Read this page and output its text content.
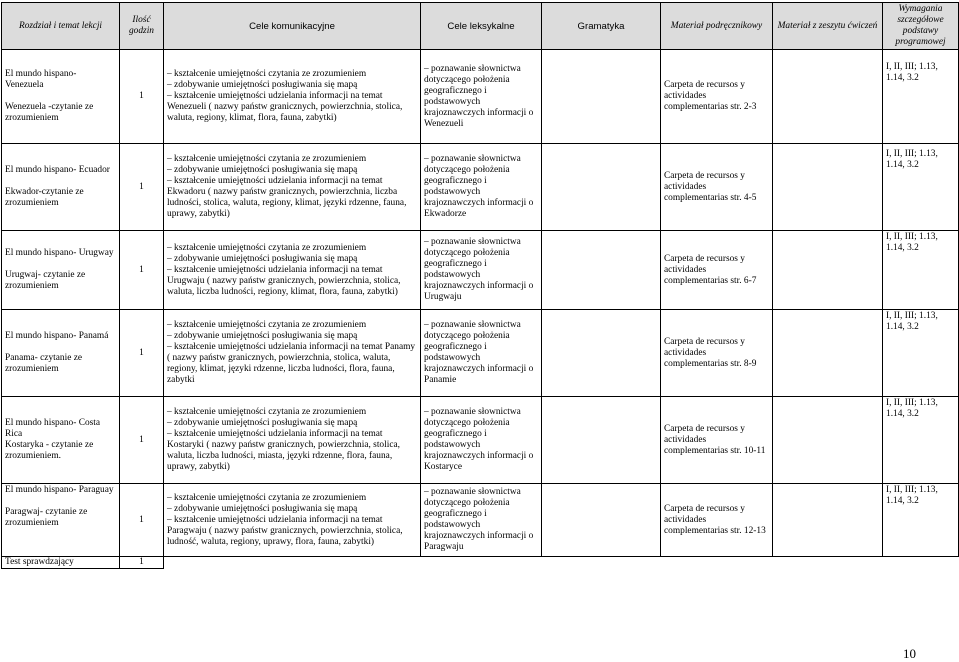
Rozdział i temat lekcji	Ilość godzin	Cele komunikacyjne	Cele leksykalne	Gramatyka	Materiał podręcznikowy	Materiał z zeszytu ćwiczeń	Wymagania szczegółowe podstawy programowej

El mundo hispano- Venezuela
Wenezuela -czytanie ze zrozumieniem	1	– kształcenie umiejętności czytania ze zrozumieniem
– zdobywanie umiejętności posługiwania się mapą
– kształcenie umiejętności udzielania informacji na temat Wenezueli ( nazwy państw granicznych, powierzchnia, stolica, waluta, regiony, klimat, flora, fauna, zabytki)	– poznawanie słownictwa dotyczącego położenia geograficznego i podstawowych krajoznawczych informacji o Wenezueli		Carpeta de recursos y actividades complementarias str. 2-3		I, II, III; 1.13, 1.14, 3.2

El mundo hispano- Ecuador
Ekwador-czytanie ze zrozumieniem	1	– kształcenie umiejętności czytania ze zrozumieniem
– zdobywanie umiejętności posługiwania się mapą
– kształcenie umiejętności udzielania informacji na temat Ekwadoru ( nazwy państw granicznych, powierzchnia, liczba ludności, stolica, waluta, regiony, klimat, języki rdzenne, fauna, uprawy, zabytki)	– poznawanie słownictwa dotyczącego położenia geograficznego i podstawowych krajoznawczych informacji o Ekwadorze		Carpeta de recursos y actividades complementarias str. 4-5		I, II, III; 1.13, 1.14, 3.2

El mundo hispano- Urugway
Urugwaj- czytanie ze zrozumieniem	1	– kształcenie umiejętności czytania ze zrozumieniem
– zdobywanie umiejętności posługiwania się mapą
– kształcenie umiejętności udzielania informacji na temat Urugwaju ( nazwy państw granicznych, powierzchnia, stolica, waluta, liczba ludności, regiony, klimat, flora, fauna, zabytki)	– poznawanie słownictwa dotyczącego położenia geograficznego i podstawowych krajoznawczych informacji o Urugwaju		Carpeta de recursos y actividades complementarias str. 6-7		I, II, III; 1.13, 1.14, 3.2

El mundo hispano- Panamá
Panama- czytanie ze zrozumieniem	1	– kształcenie umiejętności czytania ze zrozumieniem
– zdobywanie umiejętności posługiwania się mapą
– kształcenie umiejętności udzielania informacji na temat Panamy ( nazwy państw granicznych, powierzchnia, stolica, waluta, regiony, klimat, języki rdzenne, liczba ludności, flora, fauna, zabytki	– poznawanie słownictwa dotyczącego położenia geograficznego i podstawowych krajoznawczych informacji o Panamie		Carpeta de recursos y actividades complementarias str. 8-9		I, II, III; 1.13, 1.14, 3.2

El mundo hispano- Costa Rica
Kostaryka - czytanie ze zrozumieniem.	1	– kształcenie umiejętności czytania ze zrozumieniem
– zdobywanie umiejętności posługiwania się mapą
– kształcenie umiejętności udzielania informacji na temat Kostaryki ( nazwy państw granicznych, powierzchnia, stolica, waluta, liczba ludności, miasta, języki rdzenne, flora, fauna, uprawy, zabytki)	– poznawanie słownictwa dotyczącego położenia geograficznego i podstawowych krajoznawczych informacji o Kostaryce		Carpeta de recursos y actividades complementarias str. 10-11		I, II, III; 1.13, 1.14, 3.2

El mundo hispano- Paraguay
Paragwaj- czytanie ze zrozumieniem	1	– kształcenie umiejętności czytania ze zrozumieniem
– zdobywanie umiejętności posługiwania się mapą
– kształcenie umiejętności udzielania informacji na temat Paragwaju ( nazwy państw granicznych, powierzchnia, stolica, ludność, waluta, regiony, uprawy, flora, fauna, zabytki)	– poznawanie słownictwa dotyczącego położenia geograficznego i podstawowych krajoznawczych informacji o Paragwaju		Carpeta de recursos y actividades complementarias str. 12-13		I, II, III; 1.13, 1.14, 3.2
Test sprawdzający	1						
10
